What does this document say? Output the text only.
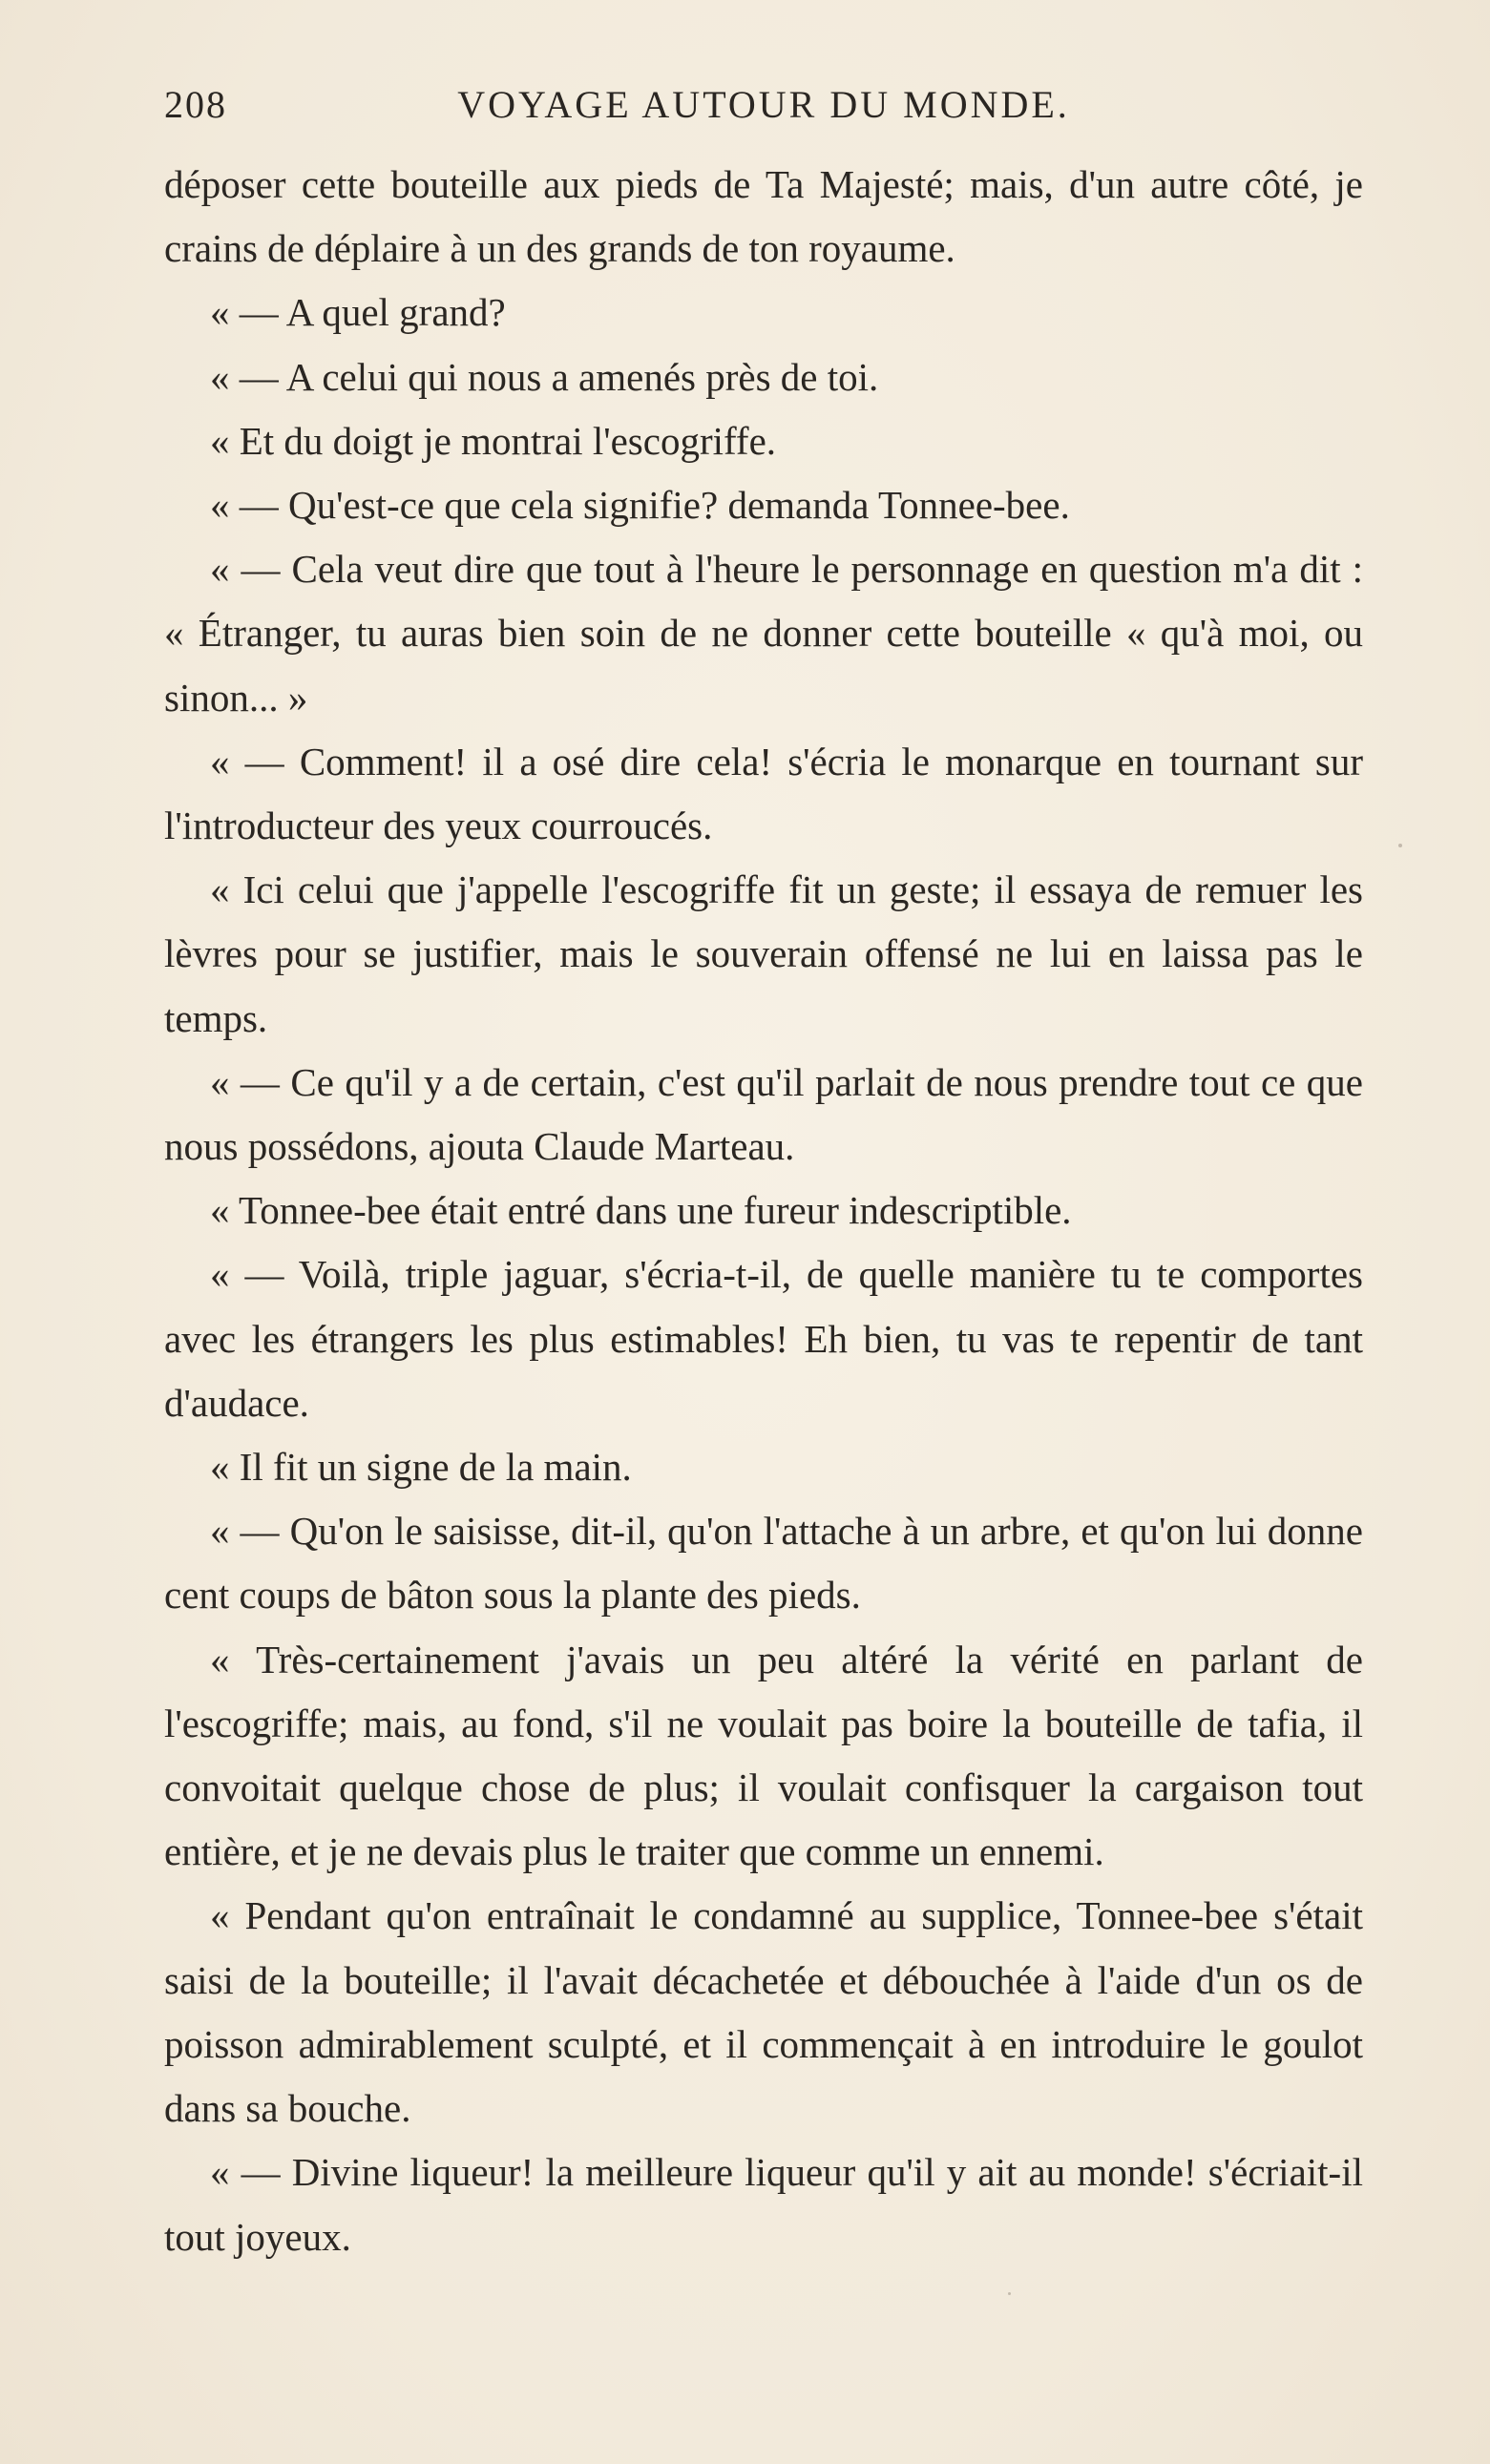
208	VOYAGE AUTOUR DU MONDE.

déposer cette bouteille aux pieds de Ta Majesté; mais, d'un autre côté, je crains de déplaire à un des grands de ton royaume.

« — A quel grand?

« — A celui qui nous a amenés près de toi.

« Et du doigt je montrai l'escogriffe.

« — Qu'est-ce que cela signifie? demanda Tonnee-bee.

« — Cela veut dire que tout à l'heure le personnage en question m'a dit : « Étranger, tu auras bien soin de ne donner cette bouteille « qu'à moi, ou sinon... »

« — Comment! il a osé dire cela! s'écria le monarque en tournant sur l'introducteur des yeux courroucés.

« Ici celui que j'appelle l'escogriffe fit un geste; il essaya de remuer les lèvres pour se justifier, mais le souverain offensé ne lui en laissa pas le temps.

« — Ce qu'il y a de certain, c'est qu'il parlait de nous prendre tout ce que nous possédons, ajouta Claude Marteau.

« Tonnee-bee était entré dans une fureur indescriptible.

« — Voilà, triple jaguar, s'écria-t-il, de quelle manière tu te comportes avec les étrangers les plus estimables! Eh bien, tu vas te repentir de tant d'audace.

« Il fit un signe de la main.

« — Qu'on le saisisse, dit-il, qu'on l'attache à un arbre, et qu'on lui donne cent coups de bâton sous la plante des pieds.

« Très-certainement j'avais un peu altéré la vérité en parlant de l'escogriffe; mais, au fond, s'il ne voulait pas boire la bouteille de tafia, il convoitait quelque chose de plus; il voulait confisquer la cargaison tout entière, et je ne devais plus le traiter que comme un ennemi.

« Pendant qu'on entraînait le condamné au supplice, Tonnee-bee s'était saisi de la bouteille; il l'avait décachetée et débouchée à l'aide d'un os de poisson admirablement sculpté, et il commençait à en introduire le goulot dans sa bouche.

« — Divine liqueur! la meilleure liqueur qu'il y ait au monde! s'écriait-il tout joyeux.
